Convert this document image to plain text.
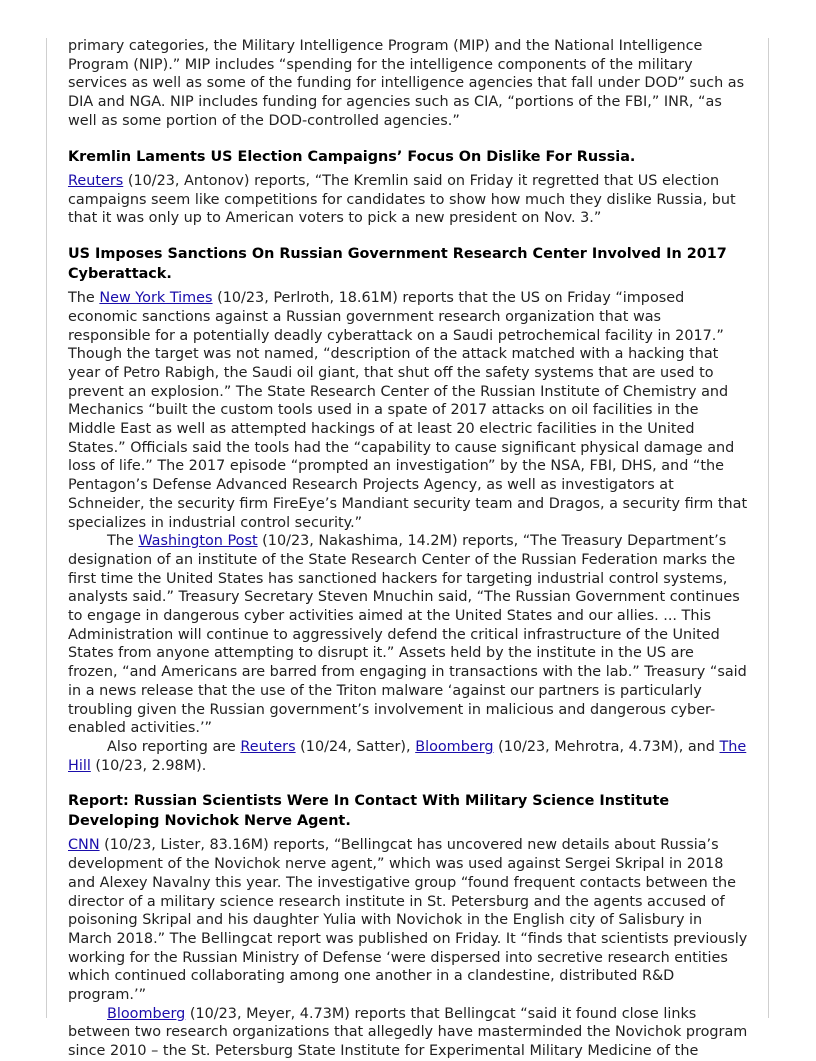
primary categories, the Military Intelligence Program (MIP) and the National Intelligence Program (NIP).” MIP includes “spending for the intelligence components of the military services as well as some of the funding for intelligence agencies that fall under DOD” such as DIA and NGA. NIP includes funding for agencies such as CIA, “portions of the FBI,” INR, “as well as some portion of the DOD-controlled agencies.”

Kremlin Laments US Election Campaigns’ Focus On Dislike For Russia.

Reuters (10/23, Antonov) reports, “The Kremlin said on Friday it regretted that US election campaigns seem like competitions for candidates to show how much they dislike Russia, but that it was only up to American voters to pick a new president on Nov. 3.”

US Imposes Sanctions On Russian Government Research Center Involved In 2017 Cyberattack.

The New York Times (10/23, Perlroth, 18.61M) reports that the US on Friday “imposed economic sanctions against a Russian government research organization that was responsible for a potentially deadly cyberattack on a Saudi petrochemical facility in 2017.” Though the target was not named, “description of the attack matched with a hacking that year of Petro Rabigh, the Saudi oil giant, that shut off the safety systems that are used to prevent an explosion.” The State Research Center of the Russian Institute of Chemistry and Mechanics “built the custom tools used in a spate of 2017 attacks on oil facilities in the Middle East as well as attempted hackings of at least 20 electric facilities in the United States.” Officials said the tools had the “capability to cause significant physical damage and loss of life.” The 2017 episode “prompted an investigation” by the NSA, FBI, DHS, and “the Pentagon’s Defense Advanced Research Projects Agency, as well as investigators at Schneider, the security firm FireEye’s Mandiant security team and Dragos, a security firm that specializes in industrial control security.”

The Washington Post (10/23, Nakashima, 14.2M) reports, “The Treasury Department’s designation of an institute of the State Research Center of the Russian Federation marks the first time the United States has sanctioned hackers for targeting industrial control systems, analysts said.” Treasury Secretary Steven Mnuchin said, “The Russian Government continues to engage in dangerous cyber activities aimed at the United States and our allies. ... This Administration will continue to aggressively defend the critical infrastructure of the United States from anyone attempting to disrupt it.” Assets held by the institute in the US are frozen, “and Americans are barred from engaging in transactions with the lab.” Treasury “said in a news release that the use of the Triton malware ‘against our partners is particularly troubling given the Russian government’s involvement in malicious and dangerous cyber-enabled activities.’”

Also reporting are Reuters (10/24, Satter), Bloomberg (10/23, Mehrotra, 4.73M), and The Hill (10/23, 2.98M).

Report: Russian Scientists Were In Contact With Military Science Institute Developing Novichok Nerve Agent.

CNN (10/23, Lister, 83.16M) reports, “Bellingcat has uncovered new details about Russia’s development of the Novichok nerve agent,” which was used against Sergei Skripal in 2018 and Alexey Navalny this year. The investigative group “found frequent contacts between the director of a military science research institute in St. Petersburg and the agents accused of poisoning Skripal and his daughter Yulia with Novichok in the English city of Salisbury in March 2018.” The Bellingcat report was published on Friday. It “finds that scientists previously working for the Russian Ministry of Defense ‘were dispersed into secretive research entities which continued collaborating among one another in a clandestine, distributed R&D program.’”

Bloomberg (10/23, Meyer, 4.73M) reports that Bellingcat “said it found close links between two research organizations that allegedly have masterminded the Novichok program since 2010 – the St. Petersburg State Institute for Experimental Military Medicine of the
